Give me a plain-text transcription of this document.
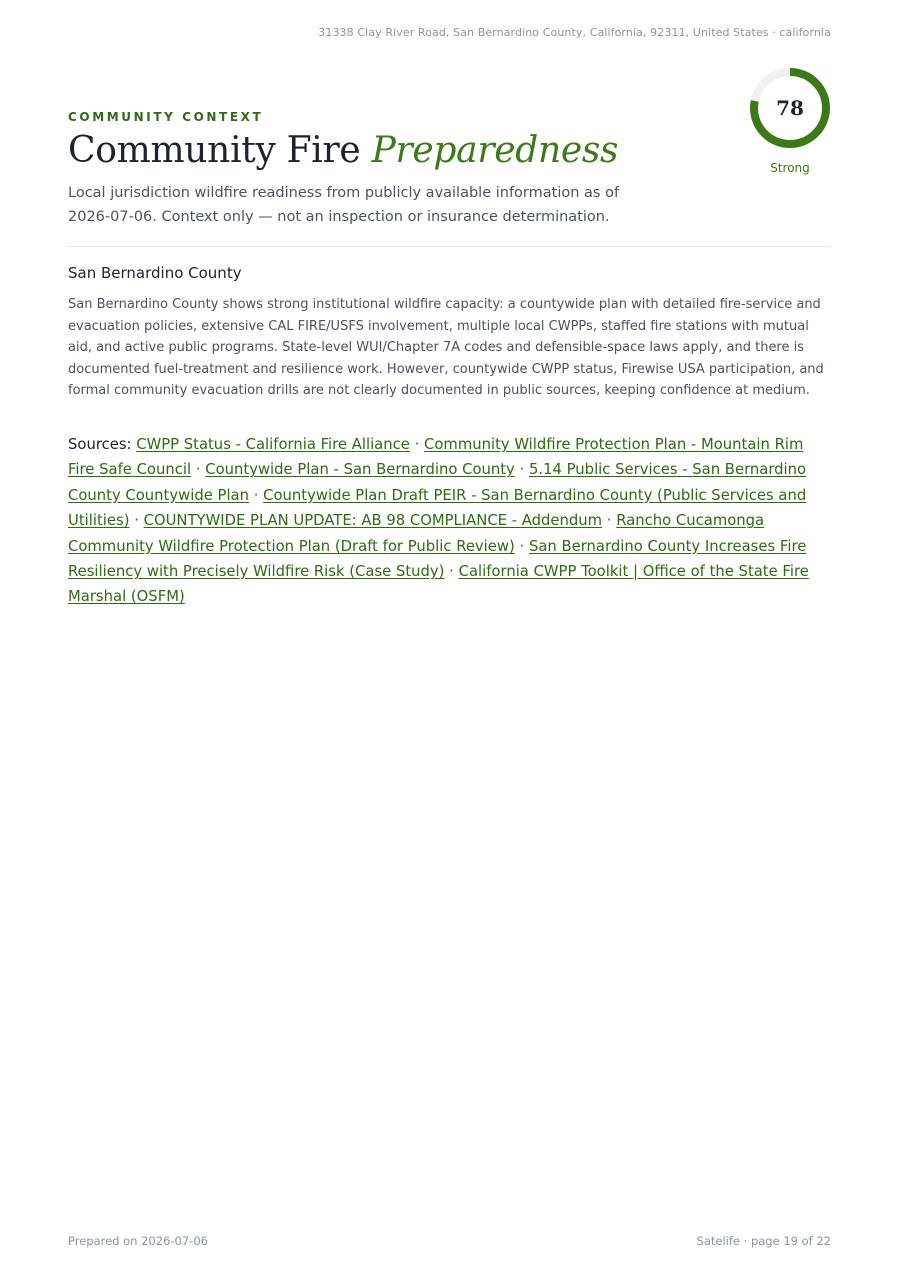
31338 Clay River Road, San Bernardino County, California, 92311, United States · california
COMMUNITY CONTEXT
Community Fire Preparedness
Local jurisdiction wildfire readiness from publicly available information as of 2026-07-06. Context only — not an inspection or insurance determination.
78
Strong
San Bernardino County
San Bernardino County shows strong institutional wildfire capacity: a countywide plan with detailed fire-service and evacuation policies, extensive CAL FIRE/USFS involvement, multiple local CWPPs, staffed fire stations with mutual aid, and active public programs. State-level WUI/Chapter 7A codes and defensible-space laws apply, and there is documented fuel-treatment and resilience work. However, countywide CWPP status, Firewise USA participation, and formal community evacuation drills are not clearly documented in public sources, keeping confidence at medium.
Sources: CWPP Status - California Fire Alliance · Community Wildfire Protection Plan - Mountain Rim Fire Safe Council · Countywide Plan - San Bernardino County · 5.14 Public Services - San Bernardino County Countywide Plan · Countywide Plan Draft PEIR - San Bernardino County (Public Services and Utilities) · COUNTYWIDE PLAN UPDATE: AB 98 COMPLIANCE - Addendum · Rancho Cucamonga Community Wildfire Protection Plan (Draft for Public Review) · San Bernardino County Increases Fire Resiliency with Precisely Wildfire Risk (Case Study) · California CWPP Toolkit | Office of the State Fire Marshal (OSFM)
Prepared on 2026-07-06	Satelife · page 19 of 22
